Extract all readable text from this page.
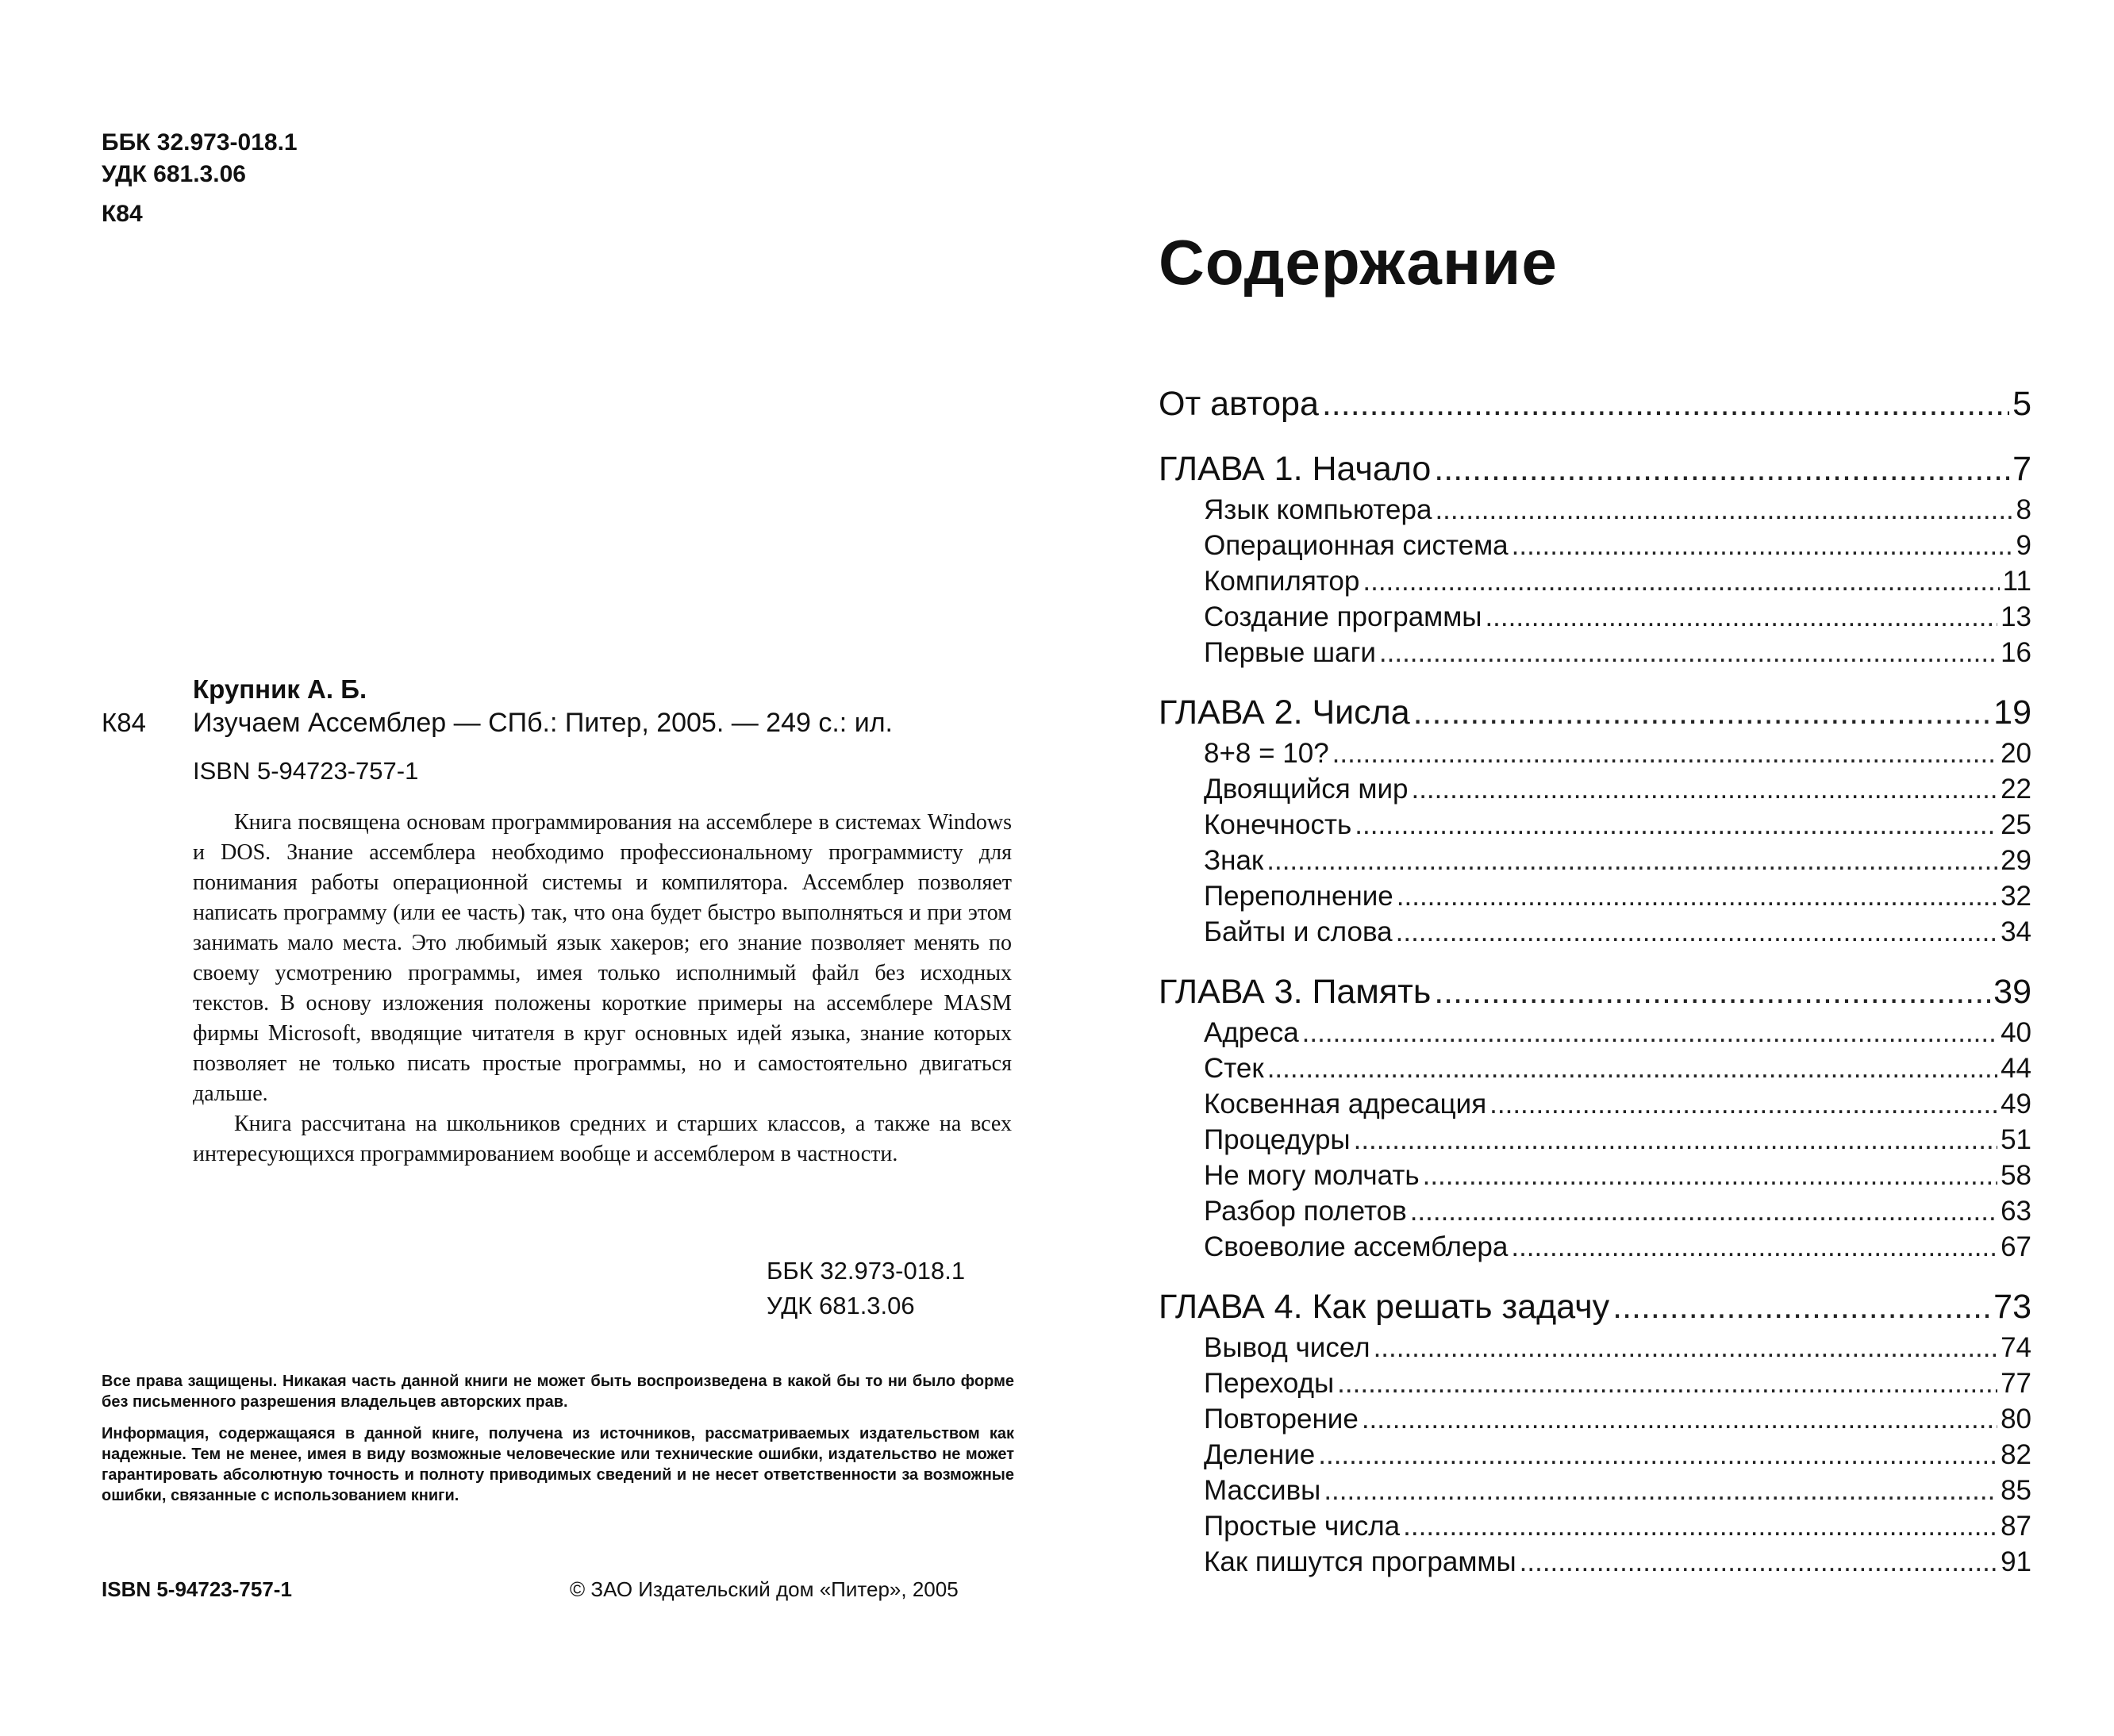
ББК 32.973-018.1
УДК 681.3.06
К84
Крупник А. Б.
К84 Изучаем Ассемблер — СПб.: Питер, 2005. — 249 с.: ил.
ISBN 5-94723-757-1

Книга посвящена основам программирования на ассемблере в системах Windows и DOS. Знание ассемблера необходимо профессиональному программисту для понимания работы операционной системы и компилятора. Ассемблер позволяет написать программу (или ее часть) так, что она будет быстро выполняться и при этом занимать мало места. Это любимый язык хакеров; его знание позволяет менять по своему усмотрению программы, имея только исполнимый файл без исходных текстов. В основу изложения положены короткие примеры на ассемблере MASM фирмы Microsoft, вводящие читателя в круг основных идей языка, знание которых позволяет не только писать простые программы, но и самостоятельно двигаться дальше.

Книга рассчитана на школьников средних и старших классов, а также на всех интересующихся программированием вообще и ассемблером в частности.

ББК 32.973-018.1
УДК 681.3.06

Все права защищены. Никакая часть данной книги не может быть воспроизведена в какой бы то ни было форме без письменного разрешения владельцев авторских прав.

Информация, содержащаяся в данной книге, получена из источников, рассматриваемых издательством как надежные. Тем не менее, имея в виду возможные человеческие или технические ошибки, издательство не может гарантировать абсолютную точность и полноту приводимых сведений и не несет ответственности за возможные ошибки, связанные с использованием книги.

ISBN 5-94723-757-1	© ЗАО Издательский дом «Питер», 2005
Содержание
От автора .....	5
ГЛАВА 1. Начало .....	7
Язык компьютера .....	8
Операционная система .....	9
Компилятор .....	11
Создание программы .....	13
Первые шаги .....	16
ГЛАВА 2. Числа .....	19
8+8 = 10? .....	20
Двоящийся мир .....	22
Конечность .....	25
Знак .....	29
Переполнение .....	32
Байты и слова .....	34
ГЛАВА 3. Память .....	39
Адреса .....	40
Стек .....	44
Косвенная адресация .....	49
Процедуры .....	51
Не могу молчать .....	58
Разбор полетов .....	63
Своеволие ассемблера .....	67
ГЛАВА 4. Как решать задачу .....	73
Вывод чисел .....	74
Переходы .....	77
Повторение .....	80
Деление .....	82
Массивы .....	85
Простые числа .....	87
Как пишутся программы .....	91
